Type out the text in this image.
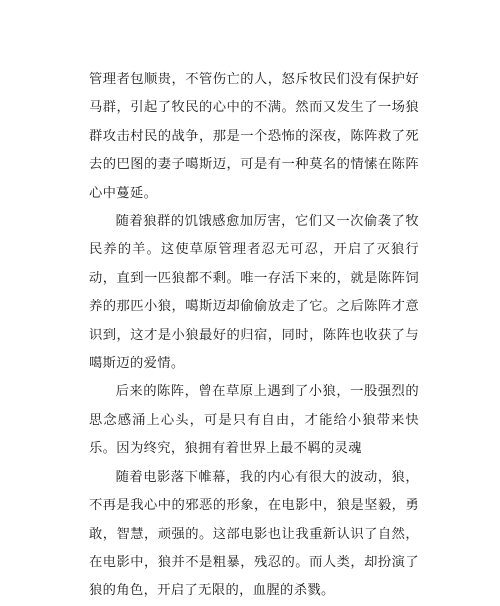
管理者包顺贵，不管伤亡的人，怒斥牧民们没有保护好马群，引起了牧民的心中的不满。然而又发生了一场狼群攻击村民的战争，那是一个恐怖的深夜，陈阵救了死去的巴图的妻子噶斯迈，可是有一种莫名的情愫在陈阵心中蔓延。

随着狼群的饥饿感愈加厉害，它们又一次偷袭了牧民养的羊。这使草原管理者忍无可忍，开启了灭狼行动，直到一匹狼都不剩。唯一存活下来的，就是陈阵饲养的那匹小狼，噶斯迈却偷偷放走了它。之后陈阵才意识到，这才是小狼最好的归宿，同时，陈阵也收获了与噶斯迈的爱情。

后来的陈阵，曾在草原上遇到了小狼，一股强烈的思念感涌上心头，可是只有自由，才能给小狼带来快乐。因为终究，狼拥有着世界上最不羁的灵魂

随着电影落下帷幕，我的内心有很大的波动，狼，不再是我心中的邪恶的形象，在电影中，狼是坚毅，勇敢，智慧，顽强的。这部电影也让我重新认识了自然，在电影中，狼并不是粗暴，残忍的。而人类，却扮演了狼的角色，开启了无限的，血腥的杀戮。
